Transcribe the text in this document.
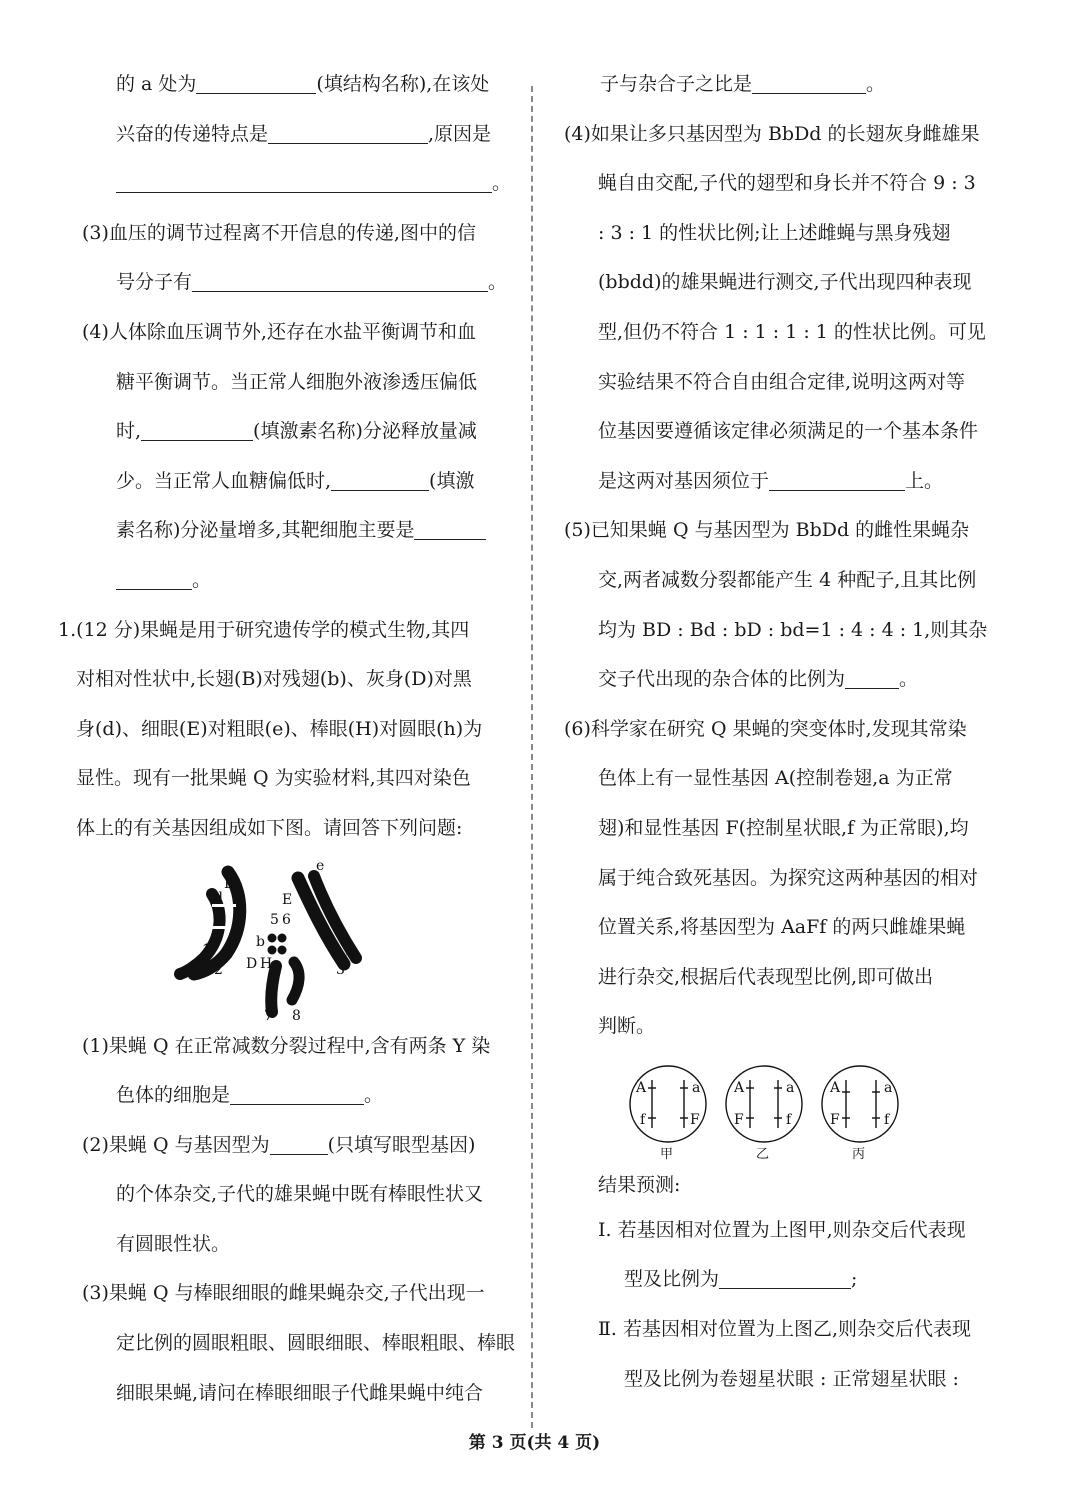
的 a 处为	(填结构名称),在该处
兴奋的传递特点是	,原因是
。
(3)血压的调节过程离不开信息的传递,图中的信
号分子有	。
(4)人体除血压调节外,还存在水盐平衡调节和血
糖平衡调节。当正常人细胞外液渗透压偏低
时,	(填激素名称)分泌释放量减
少。当正常人血糖偏低时,	(填激
素名称)分泌量增多,其靶细胞主要是
。
1.(12 分)果蝇是用于研究遗传学的模式生物,其四
对相对性状中,长翅(B)对残翅(b)、灰身(D)对黑
身(d)、细眼(E)对粗眼(e)、棒眼(H)对圆眼(h)为
显性。现有一批果蝇 Q 为实验材料,其四对染色
体上的有关基因组成如下图。请回答下列问题:
B
b
D
d	E
e
H
1
2	3
4
5 6
7 8
(1)果蝇 Q 在正常减数分裂过程中,含有两条 Y 染
色体的细胞是	。
(2)果蝇 Q 与基因型为	(只填写眼型基因)
的个体杂交,子代的雄果蝇中既有棒眼性状又
有圆眼性状。
(3)果蝇 Q 与棒眼细眼的雌果蝇杂交,子代出现一
定比例的圆眼粗眼、圆眼细眼、棒眼粗眼、棒眼
细眼果蝇,请问在棒眼细眼子代雌果蝇中纯合
子与杂合子之比是	。
(4)如果让多只基因型为 BbDd 的长翅灰身雌雄果
蝇自由交配,子代的翅型和身长并不符合 9 : 3
: 3 : 1 的性状比例;让上述雌蝇与黑身残翅
(bbdd)的雄果蝇进行测交,子代出现四种表现
型,但仍不符合 1 : 1 : 1 : 1 的性状比例。可见
实验结果不符合自由组合定律,说明这两对等
位基因要遵循该定律必须满足的一个基本条件
是这两对基因须位于	上。
(5)已知果蝇 Q 与基因型为 BbDd 的雌性果蝇杂
交,两者减数分裂都能产生 4 种配子,且其比例
均为 BD : Bd : bD : bd=1 : 4 : 4 : 1,则其杂
交子代出现的杂合体的比例为	。
(6)科学家在研究 Q 果蝇的突变体时,发现其常染
色体上有一显性基因 A(控制卷翅,a 为正常
翅)和显性基因 F(控制星状眼,f 为正常眼),均
属于纯合致死基因。为探究这两种基因的相对
位置关系,将基因型为 AaFf 的两只雌雄果蝇
进行杂交,根据后代表现型比例,即可做出
判断。
A	a
f	F
甲
A	a
F	f
乙
A	a
F	f
丙
结果预测:
Ⅰ. 若基因相对位置为上图甲,则杂交后代表现
型及比例为	;
Ⅱ. 若基因相对位置为上图乙,则杂交后代表现
型及比例为卷翅星状眼 : 正常翅星状眼 :
第 3 页(共 4 页)
